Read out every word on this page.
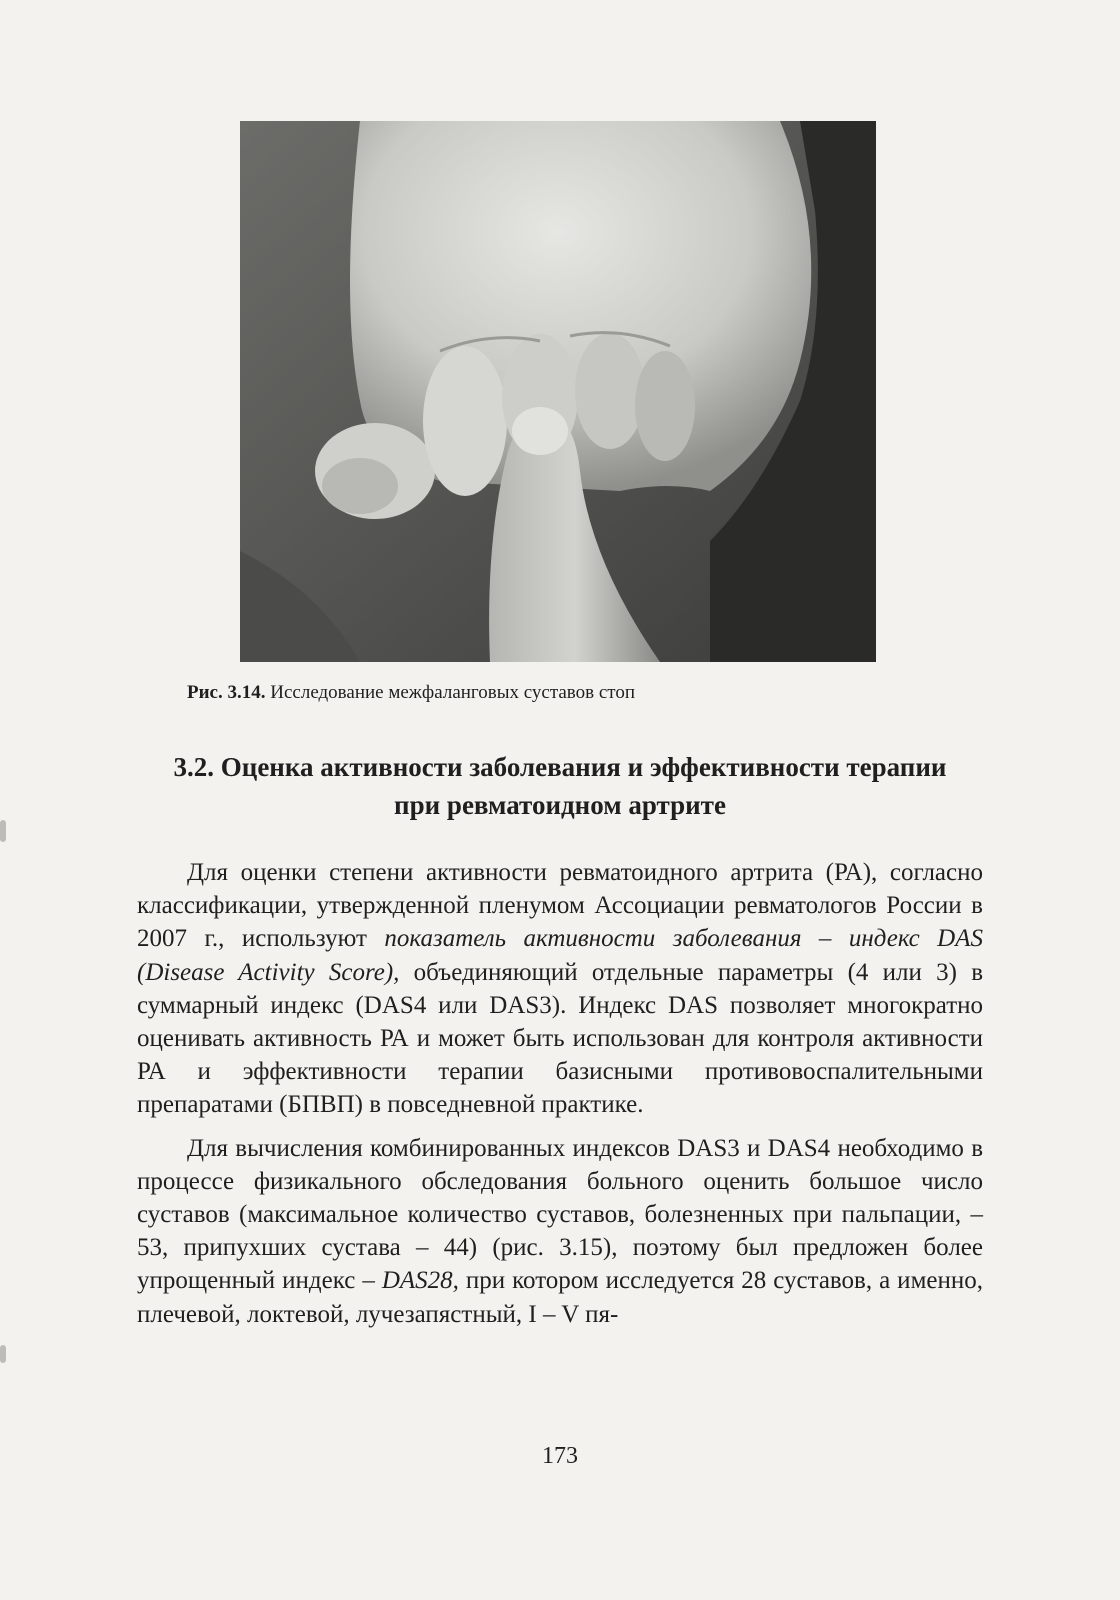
Рис. 3.14. Исследование межфаланговых суставов стоп
3.2. Оценка активности заболевания и эффективности терапии
при ревматоидном артрите

Для оценки степени активности ревматоидного артрита (РА), согласно классификации, утвержденной пленумом Ассоциации ревматологов России в 2007 г., используют показатель активности заболевания – индекс DAS (Disease Activity Score), объединяющий отдельные параметры (4 или 3) в суммарный индекс (DAS4 или DAS3). Индекс DAS позволяет многократно оценивать активность РА и может быть использован для контроля активности РА и эффективности терапии базисными противовоспалительными препаратами (БПВП) в повседневной практике.

Для вычисления комбинированных индексов DAS3 и DAS4 необходимо в процессе физикального обследования больного оценить большое число суставов (максимальное количество суставов, болезненных при пальпации, – 53, припухших сустава – 44) (рис. 3.15), поэтому был предложен более упрощенный индекс – DAS28, при котором исследуется 28 суставов, а именно, плечевой, локтевой, лучезапястный, I – V пя-

173
